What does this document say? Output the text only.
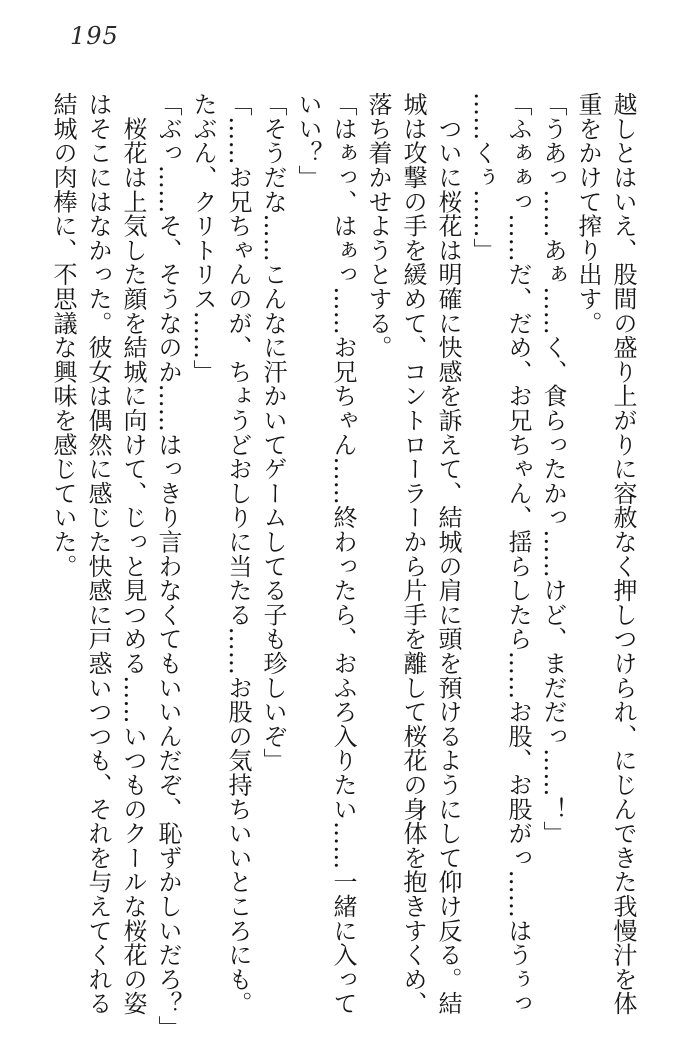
195

越しとはいえ、股間の盛り上がりに容赦なく押しつけられ、にじんできた我慢汁を体

重をかけて搾り出す。

「うあっ……あぁ……く、食らったかっ……けど、まだだっ……！」

「ふぁぁっ……だ、だめ、お兄ちゃん、揺らしたら……お股、お股がっ……はうぅっ

……くぅ……」

　ついに桜花は明確に快感を訴えて、結城の肩に頭を預けるようにして仰け反る。結

城は攻撃の手を緩めて、コントローラーから片手を離して桜花の身体を抱きすくめ、

落ち着かせようとする。

「はぁっ、はぁっ……お兄ちゃん……終わったら、おふろ入りたい……一緒に入って

いい？」

「そうだな……こんなに汗かいてゲームしてる子も珍しいぞ」

「……お兄ちゃんのが、ちょうどおしりに当たる……お股の気持ちいいところにも。

たぶん、クリトリス……」

「ぶっ……そ、そうなのか……はっきり言わなくてもいいんだぞ、恥ずかしいだろ？」

　桜花は上気した顔を結城に向けて、じっと見つめる……いつものクールな桜花の姿

はそこにはなかった。彼女は偶然に感じた快感に戸惑いつつも、それを与えてくれる

結城の肉棒に、不思議な興味を感じていた。
